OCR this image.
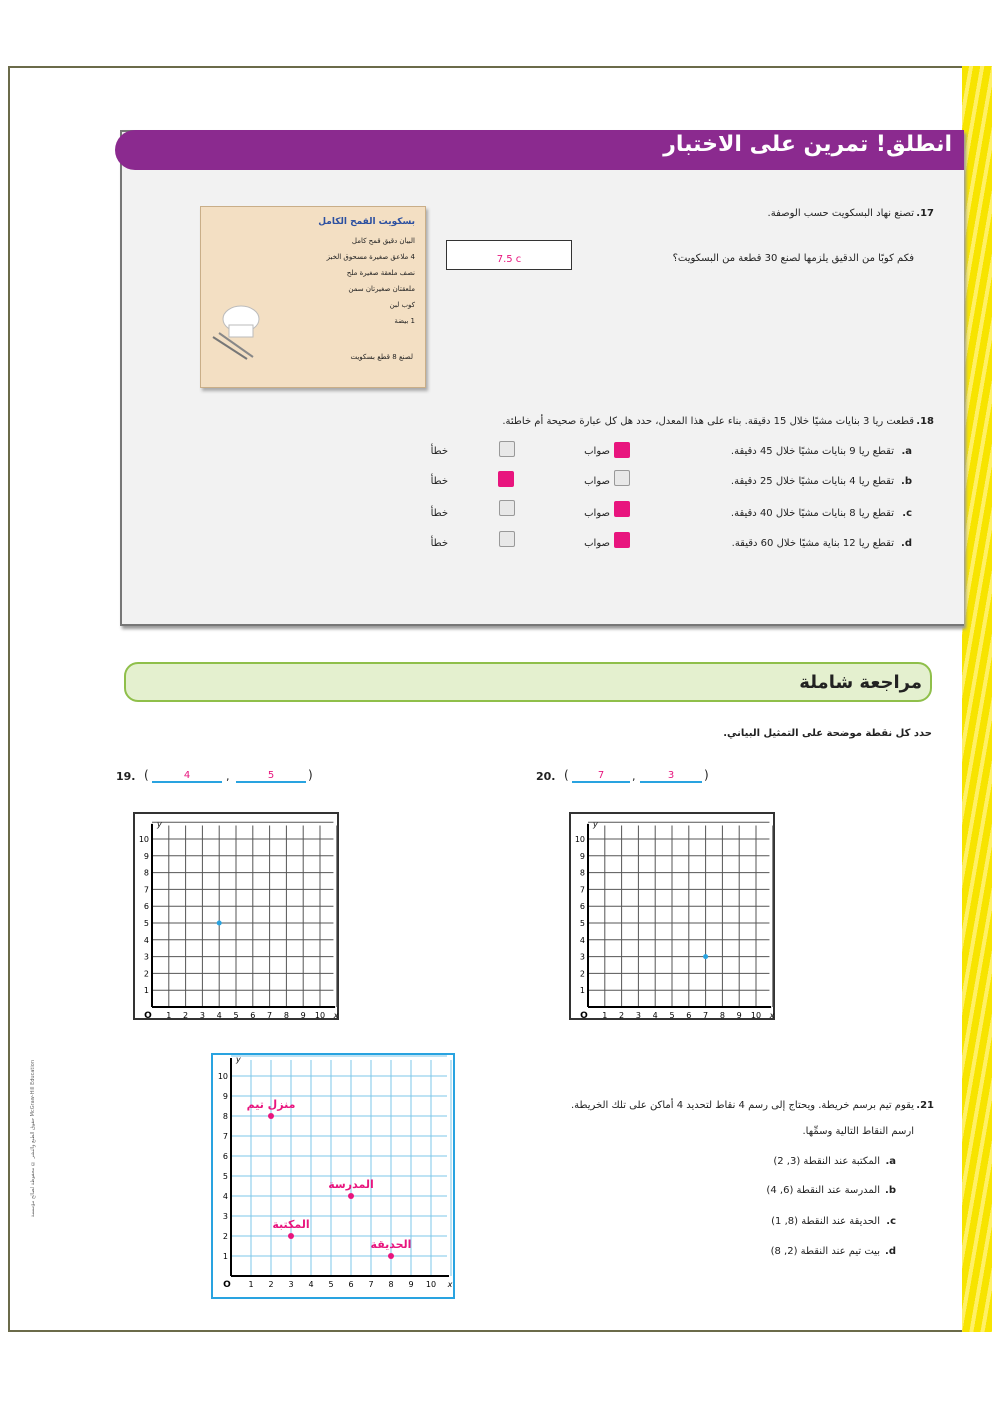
انطلق! تمرين على الاختبار
17.
تصنع نهاد البسكويت حسب الوصفة.
فكم كوبًا من الدقيق يلزمها لصنع 30 قطعة من البسكويت؟
7.5 c
بسكويت القمح الكامل
البيان دقيق قمح كامل
4 ملاعق صغيرة مسحوق الخبز
نصف ملعقة صغيرة ملح
ملعقتان صغيرتان سمن
كوب لبن
1 بيضة
لصنع 8 قطع بسكويت
18.
قطعت ريا 3 بنايات مشيًا خلال 15 دقيقة. بناء على هذا المعدل، حدد هل كل عبارة صحيحة أم خاطئة.
a.
تقطع ريا 9 بنايات مشيًا خلال 45 دقيقة.
صواب
خطأ
b.
تقطع ريا 4 بنايات مشيًا خلال 25 دقيقة.
صواب
خطأ
c.
تقطع ريا 8 بنايات مشيًا خلال 40 دقيقة.
صواب
خطأ
d.
تقطع ريا 12 بناية مشيًا خلال 60 دقيقة.
صواب
خطأ
مراجعة شاملة
حدد كل نقطة موضحة على التمثيل البياني.
19. (	4	,	5	)	20. (	7	,	3	)
1 2 3 4 5 6 7 8 9 10
1
2
3
4
5
6
7
8
9
10
O	x
y
1 2 3 4 5 6 7 8 9 10
1
2
3
4
5
6
7
8
9
10
O	x
y
1 2 3 4 5 6 7 8 9 10
1
2
3
4
5
6
7
8
9
10
O	x
y
منزل تيم
المدرسة
المكتبة
الحديقة
21.
يقوم تيم برسم خريطة. ويحتاج إلى رسم 4 نقاط لتحديد 4 أماكن على تلك الخريطة.
ارسم النقاط التالية وسمِّها.
a.
المكتبة عند النقطة (3, 2)
b.
المدرسة عند النقطة (6, 4)
c.
الحديقة عند النقطة (8, 1)
d.
بيت تيم عند النقطة (2, 8)
حقوق الطبع والنشر © محفوظة لصالح مؤسسة McGraw-Hill Education
